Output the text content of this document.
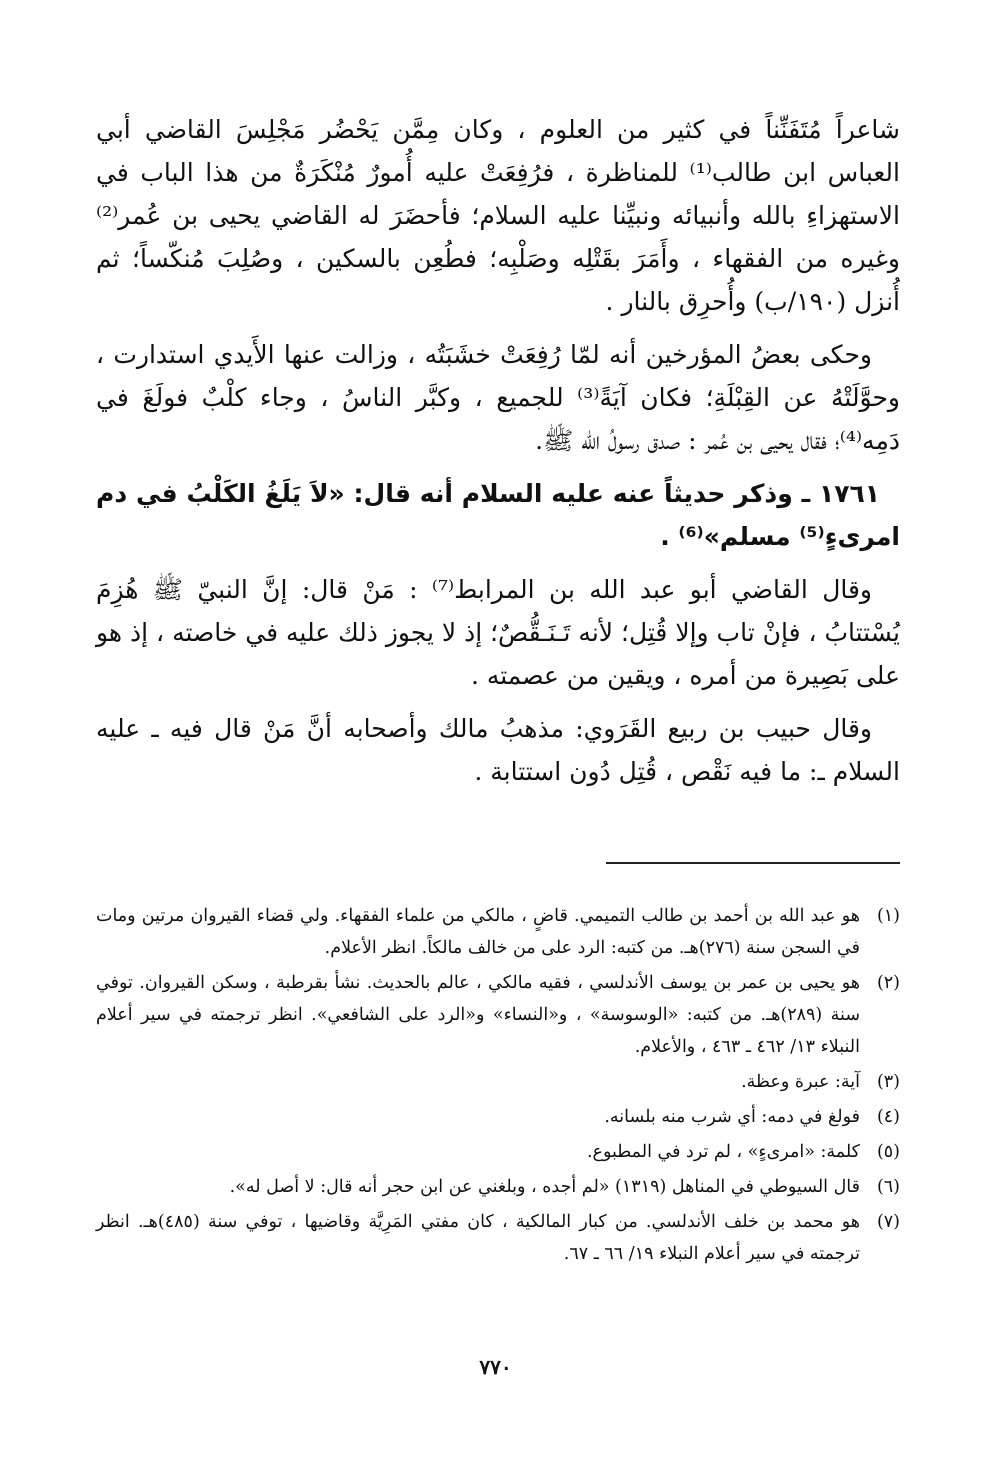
شاعراً مُتَفَنِّناً في كثير من العلوم ، وكان مِمَّن يَحْضُر مَجْلِسَ القاضي أبي العباس ابن طالب⁽¹⁾ للمناظرة ، فرُفِعَتْ عليه أُمورٌ مُنْكَرَةٌ من هذا الباب في الاستهزاءِ بالله وأنبيائه ونبيِّنا عليه السلام؛ فأحضَرَ له القاضي يحيى بن عُمر⁽²⁾ وغيره من الفقهاء ، وأَمَرَ بقَتْلِه وصَلْبِه؛ فطُعِن بالسكين ، وصُلِبَ مُنكّساً؛ ثم أُنزل (١٩٠/ب) وأُحرِق بالنار .

وحكى بعضُ المؤرخين أنه لمّا رُفِعَتْ خشَبَتُه ، وزالت عنها الأَيدي استدارت ، وحوَّلَتْهُ عن القِبْلَةِ؛ فكان آيَةً⁽³⁾ للجميع ، وكبَّر الناسُ ، وجاء كلْبٌ فولَغَ في دَمِه⁽⁴⁾؛ فقال يحيى بن عُمر : صدق رسولُ الله ﷺ.

١٧٦١ ـ وذكر حديثاً عنه عليه السلام أنه قال: «لاَ يَلَغُ الكَلْبُ في دم امرىءٍ⁽⁵⁾ مسلم»⁽⁶⁾ .

وقال القاضي أبو عبد الله بن المرابط⁽⁷⁾ : مَنْ قال: إنَّ النبيّ ﷺ هُزِمَ يُسْتتابُ ، فإنْ تاب وإلا قُتِل؛ لأنه تَـنَـقُّصٌ؛ إذ لا يجوز ذلك عليه في خاصته ، إذ هو على بَصِيرة من أمره ، ويقين من عصمته .

وقال حبيب بن ربيع القَرَوي: مذهبُ مالك وأصحابه أنَّ مَنْ قال فيه ـ عليه السلام ـ: ما فيه نَقْص ، قُتِل دُون استتابة .

(١)
هو عبد الله بن أحمد بن طالب التميمي. قاضٍ ، مالكي من علماء الفقهاء. ولي قضاء القيروان مرتين ومات في السجن سنة (٢٧٦)هـ. من كتبه: الرد على من خالف مالكاً. انظر الأعلام.
(٢)
هو يحيى بن عمر بن يوسف الأندلسي ، فقيه مالكي ، عالم بالحديث. نشأ بقرطبة ، وسكن القيروان. توفي سنة (٢٨٩)هـ. من كتبه: «الوسوسة» ، و«النساء» و«الرد على الشافعي». انظر ترجمته في سير أعلام النبلاء ١٣/ ٤٦٢ ـ ٤٦٣ ، والأعلام.
(٣)
آية: عبرة وعظة.
(٤)
فولغ في دمه: أي شرب منه بلسانه.
(٥)
كلمة: «امرىءٍ» ، لم ترد في المطبوع.
(٦)
قال السيوطي في المناهل (١٣١٩) «لم أجده ، وبلغني عن ابن حجر أنه قال: لا أصل له».
(٧)
هو محمد بن خلف الأندلسي. من كبار المالكية ، كان مفتي المَرِيَّة وقاضيها ، توفي سنة (٤٨٥)هـ. انظر ترجمته في سير أعلام النبلاء ١٩/ ٦٦ ـ ٦٧.
٧٧٠
